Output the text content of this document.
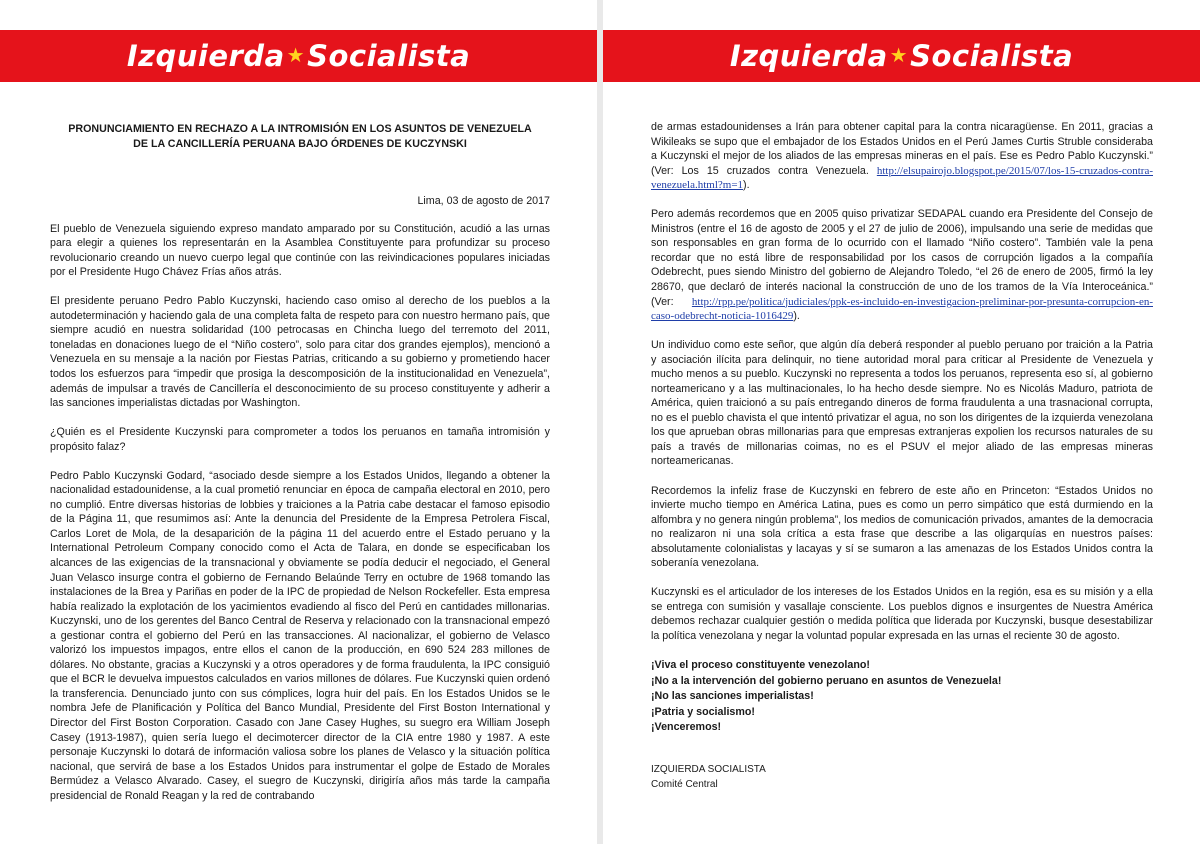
Izquierda ★ Socialista
PRONUNCIAMIENTO EN RECHAZO A LA INTROMISIÓN EN LOS ASUNTOS DE VENEZUELA
DE LA CANCILLERÍA PERUANA BAJO ÓRDENES DE KUCZYNSKI
Lima, 03 de agosto de 2017

El pueblo de Venezuela siguiendo expreso mandato amparado por su Constitución, acudió a las urnas para elegir a quienes los representarán en la Asamblea Constituyente para profundizar su proceso revolucionario creando un nuevo cuerpo legal que continúe con las reivindicaciones populares iniciadas por el Presidente Hugo Chávez Frías años atrás.

El presidente peruano Pedro Pablo Kuczynski, haciendo caso omiso al derecho de los pueblos a la autodeterminación y haciendo gala de una completa falta de respeto para con nuestro hermano país, que siempre acudió en nuestra solidaridad (100 petrocasas en Chincha luego del terremoto del 2011, toneladas en donaciones luego de el “Niño costero”, solo para citar dos grandes ejemplos), mencionó a Venezuela en su mensaje a la nación por Fiestas Patrias, criticando a su gobierno y prometiendo hacer todos los esfuerzos para “impedir que prosiga la descomposición de la institucionalidad en Venezuela”, además de impulsar a través de Cancillería el desconocimiento de su proceso constituyente y adherir a las sanciones imperialistas dictadas por Washington.

¿Quién es el Presidente Kuczynski para comprometer a todos los peruanos en tamaña intromisión y propósito falaz?

Pedro Pablo Kuczynski Godard, “asociado desde siempre a los Estados Unidos, llegando a obtener la nacionalidad estadounidense, a la cual prometió renunciar en época de campaña electoral en 2010, pero no cumplió. Entre diversas historias de lobbies y traiciones a la Patria cabe destacar el famoso episodio de la Página 11, que resumimos así: Ante la denuncia del Presidente de la Empresa Petrolera Fiscal, Carlos Loret de Mola, de la desaparición de la página 11 del acuerdo entre el Estado peruano y la International Petroleum Company conocido como el Acta de Talara, en donde se especificaban los alcances de las exigencias de la transnacional y obviamente se podía deducir el negociado, el General Juan Velasco insurge contra el gobierno de Fernando Belaúnde Terry en octubre de 1968 tomando las instalaciones de la Brea y Pariñas en poder de la IPC de propiedad de Nelson Rockefeller. Esta empresa había realizado la explotación de los yacimientos evadiendo al fisco del Perú en cantidades millonarias. Kuczynski, uno de los gerentes del Banco Central de Reserva y relacionado con la transnacional empezó a gestionar contra el gobierno del Perú en las transacciones. Al nacionalizar, el gobierno de Velasco valorizó los impuestos impagos, entre ellos el canon de la producción, en 690 524 283 millones de dólares. No obstante, gracias a Kuczynski y a otros operadores y de forma fraudulenta, la IPC consiguió que el BCR le devuelva impuestos calculados en varios millones de dólares. Fue Kuczynski quien ordenó la transferencia. Denunciado junto con sus cómplices, logra huir del país. En los Estados Unidos se le nombra Jefe de Planificación y Política del Banco Mundial, Presidente del First Boston International y Director del First Boston Corporation. Casado con Jane Casey Hughes, su suegro era William Joseph Casey (1913-1987), quien sería luego el decimotercer director de la CIA entre 1980 y 1987. A este personaje Kuczynski lo dotará de información valiosa sobre los planes de Velasco y la situación política nacional, que servirá de base a los Estados Unidos para instrumentar el golpe de Estado de Morales Bermúdez a Velasco Alvarado. Casey, el suegro de Kuczynski, dirigiría años más tarde la campaña presidencial de Ronald Reagan y la red de contrabando

Izquierda ★ Socialista

de armas estadounidenses a Irán para obtener capital para la contra nicaragüense. En 2011, gracias a Wikileaks se supo que el embajador de los Estados Unidos en el Perú James Curtis Struble consideraba a Kuczynski el mejor de los aliados de las empresas mineras en el país. Ese es Pedro Pablo Kuczynski.” (Ver: Los 15 cruzados contra Venezuela. http://elsupairojo.blogspot.pe/2015/07/los-15-cruzados-contra-venezuela.html?m=1).

Pero además recordemos que en 2005 quiso privatizar SEDAPAL cuando era Presidente del Consejo de Ministros (entre el 16 de agosto de 2005 y el 27 de julio de 2006), impulsando una serie de medidas que son responsables en gran forma de lo ocurrido con el llamado “Niño costero”. También vale la pena recordar que no está libre de responsabilidad por los casos de corrupción ligados a la compañía Odebrecht, pues siendo Ministro del gobierno de Alejandro Toledo, “el 26 de enero de 2005, firmó la ley 28670, que declaró de interés nacional la construcción de uno de los tramos de la Vía Interoceánica.” (Ver: http://rpp.pe/politica/judiciales/ppk-es-incluido-en-investigacion-preliminar-por-presunta-corrupcion-en-caso-odebrecht-noticia-1016429).

Un individuo como este señor, que algún día deberá responder al pueblo peruano por traición a la Patria y asociación ilícita para delinquir, no tiene autoridad moral para criticar al Presidente de Venezuela y mucho menos a su pueblo. Kuczynski no representa a todos los peruanos, representa eso sí, al gobierno norteamericano y a las multinacionales, lo ha hecho desde siempre. No es Nicolás Maduro, patriota de América, quien traicionó a su país entregando dineros de forma fraudulenta a una trasnacional corrupta, no es el pueblo chavista el que intentó privatizar el agua, no son los dirigentes de la izquierda venezolana los que aprueban obras millonarias para que empresas extranjeras expolien los recursos naturales de su país a través de millonarias coimas, no es el PSUV el mejor aliado de las empresas mineras norteamericanas.

Recordemos la infeliz frase de Kuczynski en febrero de este año en Princeton: “Estados Unidos no invierte mucho tiempo en América Latina, pues es como un perro simpático que está durmiendo en la alfombra y no genera ningún problema”, los medios de comunicación privados, amantes de la democracia no realizaron ni una sola crítica a esta frase que describe a las oligarquías en nuestros países: absolutamente colonialistas y lacayas y sí se sumaron a las amenazas de los Estados Unidos contra la soberanía venezolana.

Kuczynski es el articulador de los intereses de los Estados Unidos en la región, esa es su misión y a ella se entrega con sumisión y vasallaje consciente. Los pueblos dignos e insurgentes de Nuestra América debemos rechazar cualquier gestión o medida política que liderada por Kuczynski, busque desestabilizar la política venezolana y negar la voluntad popular expresada en las urnas el reciente 30 de agosto.

¡Viva el proceso constituyente venezolano!
¡No a la intervención del gobierno peruano en asuntos de Venezuela!
¡No las sanciones imperialistas!
¡Patria y socialismo!
¡Venceremos!
IZQUIERDA SOCIALISTA
Comité Central
